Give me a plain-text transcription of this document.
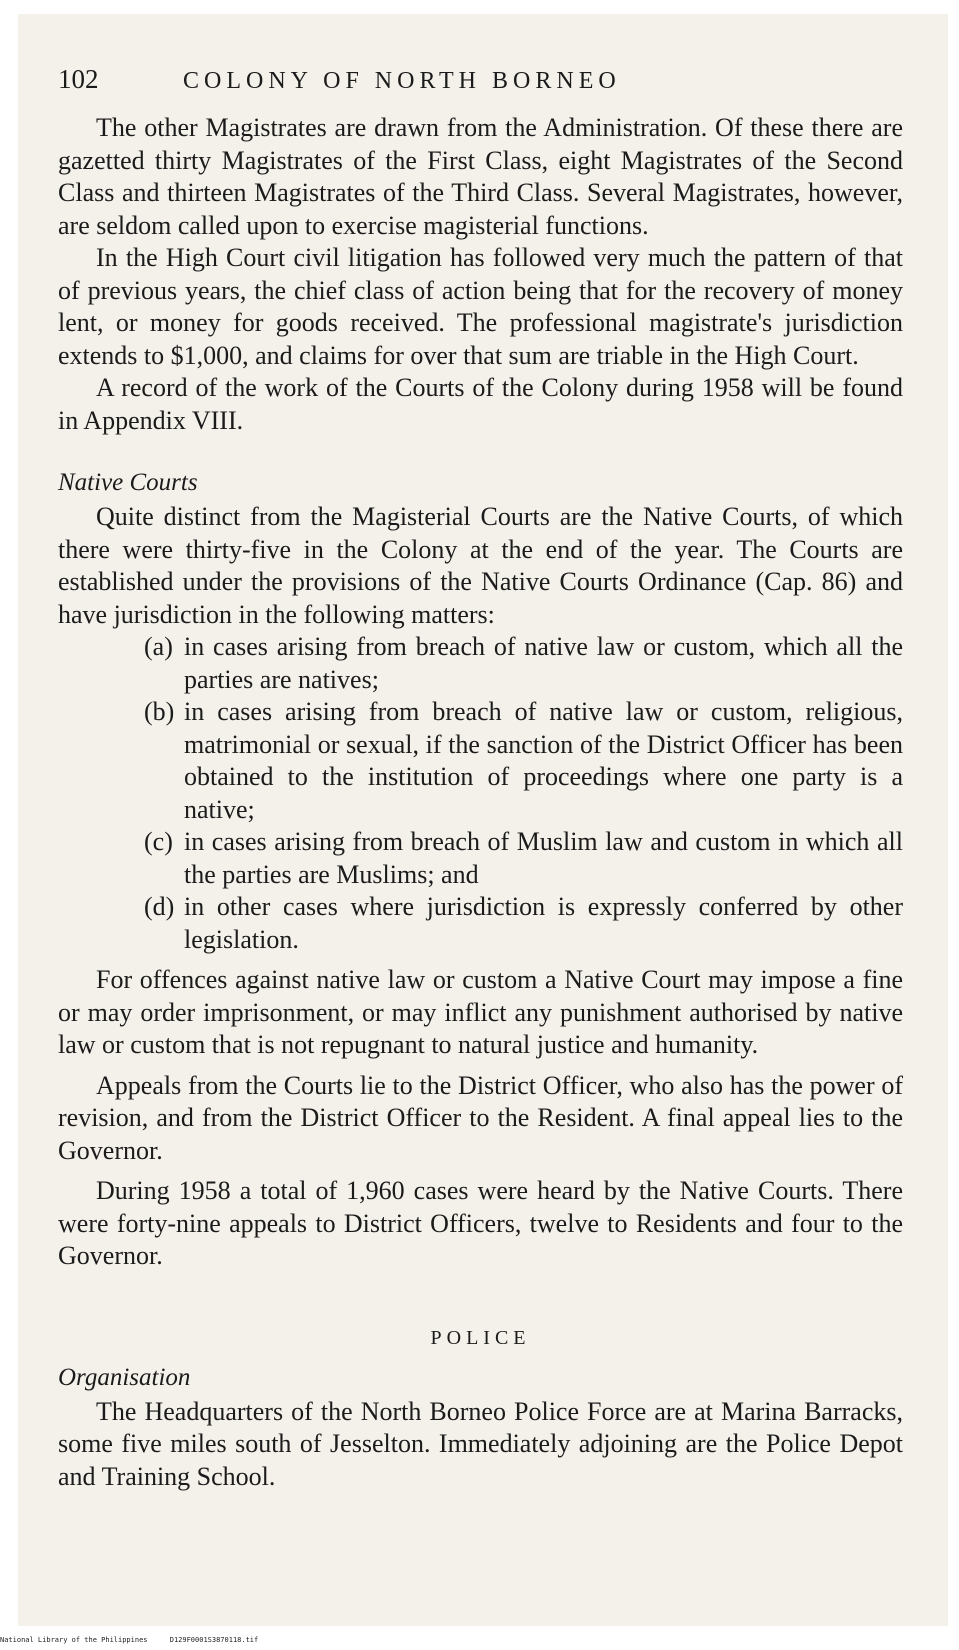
102	COLONY OF NORTH BORNEO

The other Magistrates are drawn from the Administration. Of these there are gazetted thirty Magistrates of the First Class, eight Magistrates of the Second Class and thirteen Magistrates of the Third Class. Several Magistrates, however, are seldom called upon to exercise magisterial functions.

In the High Court civil litigation has followed very much the pattern of that of previous years, the chief class of action being that for the recovery of money lent, or money for goods received. The professional magistrate's jurisdiction extends to $1,000, and claims for over that sum are triable in the High Court.

A record of the work of the Courts of the Colony during 1958 will be found in Appendix VIII.

Native Courts

Quite distinct from the Magisterial Courts are the Native Courts, of which there were thirty-five in the Colony at the end of the year. The Courts are established under the provisions of the Native Courts Ordinance (Cap. 86) and have jurisdiction in the following matters:

(a) in cases arising from breach of native law or custom, which all the parties are natives;
(b) in cases arising from breach of native law or custom, religious, matrimonial or sexual, if the sanction of the District Officer has been obtained to the institution of proceedings where one party is a native;
(c) in cases arising from breach of Muslim law and custom in which all the parties are Muslims; and
(d) in other cases where jurisdiction is expressly conferred by other legislation.

For offences against native law or custom a Native Court may impose a fine or may order imprisonment, or may inflict any punishment authorised by native law or custom that is not repugnant to natural justice and humanity.

Appeals from the Courts lie to the District Officer, who also has the power of revision, and from the District Officer to the Resident. A final appeal lies to the Governor.

During 1958 a total of 1,960 cases were heard by the Native Courts. There were forty-nine appeals to District Officers, twelve to Residents and four to the Governor.

POLICE
Organisation

The Headquarters of the North Borneo Police Force are at Marina Barracks, some five miles south of Jesselton. Immediately adjoining are the Police Depot and Training School.

National Library of the Philippines	D129F0001S3870118.tif
